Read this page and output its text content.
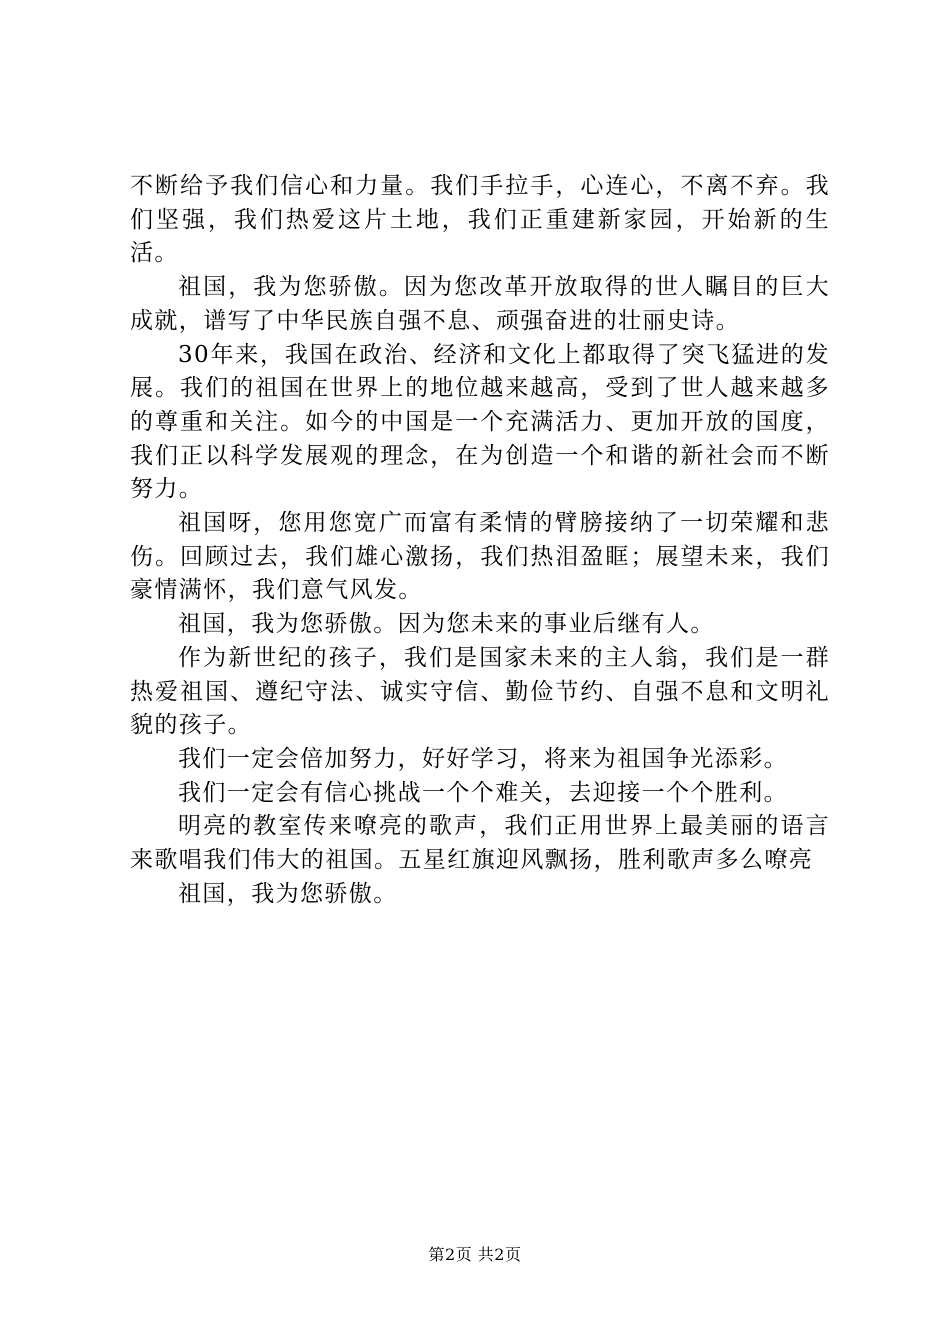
不断给予我们信心和力量。我们手拉手，心连心，不离不弃。我们坚强，我们热爱这片土地，我们正重建新家园，开始新的生活。

祖国，我为您骄傲。因为您改革开放取得的世人瞩目的巨大成就，谱写了中华民族自强不息、顽强奋进的壮丽史诗。

30年来，我国在政治、经济和文化上都取得了突飞猛进的发展。我们的祖国在世界上的地位越来越高，受到了世人越来越多的尊重和关注。如今的中国是一个充满活力、更加开放的国度，我们正以科学发展观的理念，在为创造一个和谐的新社会而不断努力。

祖国呀，您用您宽广而富有柔情的臂膀接纳了一切荣耀和悲伤。回顾过去，我们雄心激扬，我们热泪盈眶；展望未来，我们豪情满怀，我们意气风发。

祖国，我为您骄傲。因为您未来的事业后继有人。

作为新世纪的孩子，我们是国家未来的主人翁，我们是一群热爱祖国、遵纪守法、诚实守信、勤俭节约、自强不息和文明礼貌的孩子。

我们一定会倍加努力，好好学习，将来为祖国争光添彩。

我们一定会有信心挑战一个个难关，去迎接一个个胜利。

明亮的教室传来嘹亮的歌声，我们正用世界上最美丽的语言来歌唱我们伟大的祖国。五星红旗迎风飘扬，胜利歌声多么嘹亮

祖国，我为您骄傲。

第2页 共2页
